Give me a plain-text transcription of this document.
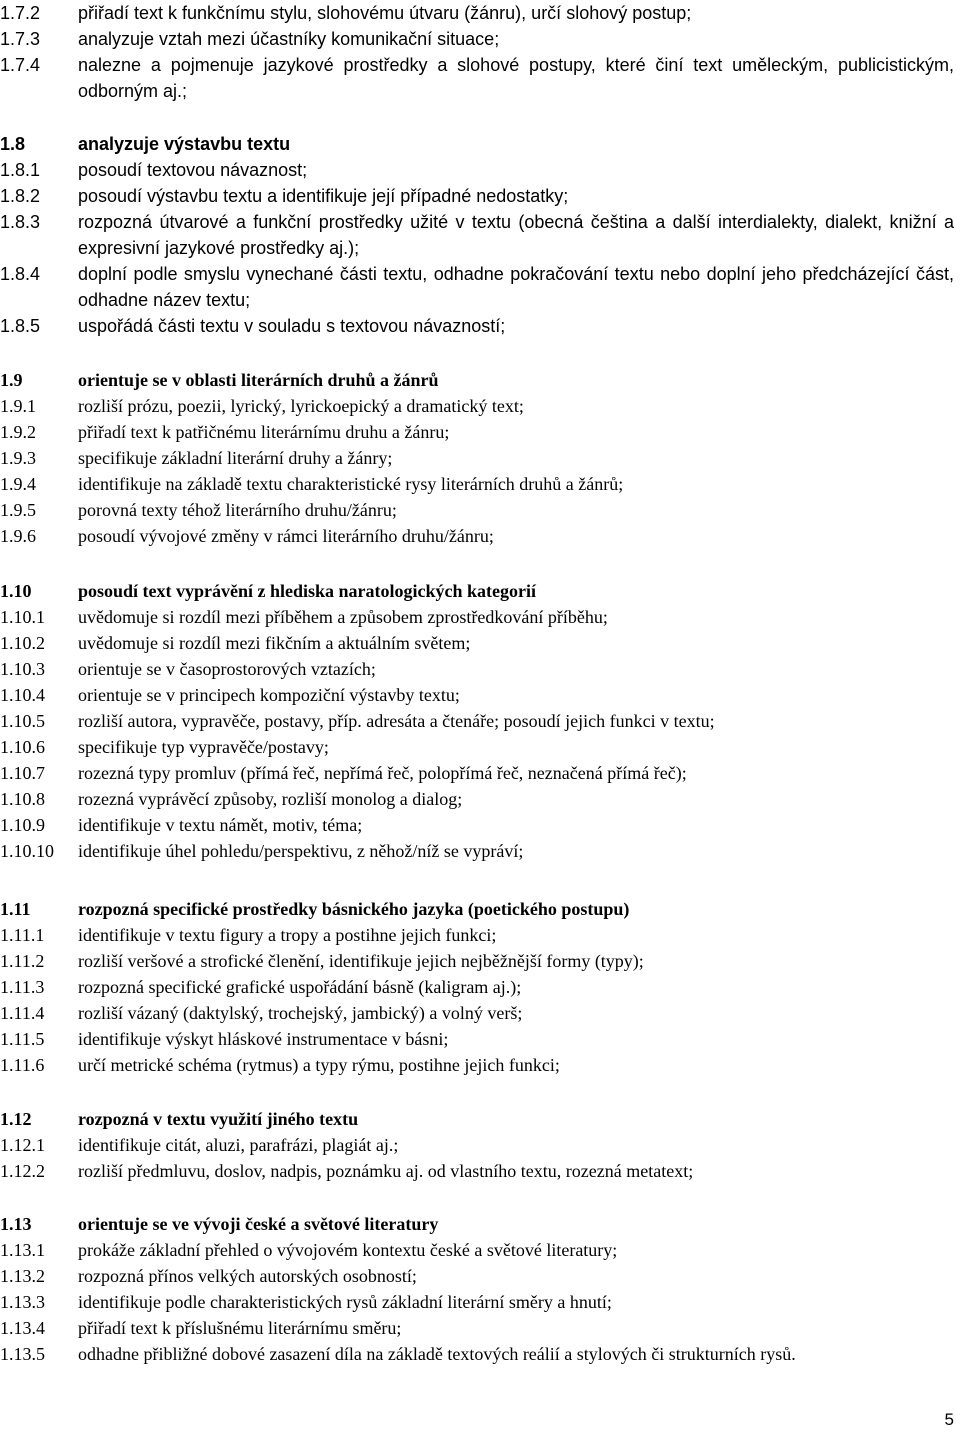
1.7.2	přiřadí text k funkčnímu stylu, slohovému útvaru (žánru), určí slohový postup;
1.7.3	analyzuje vztah mezi účastníky komunikační situace;
1.7.4	nalezne a pojmenuje jazykové prostředky a slohové postupy, které činí text uměleckým, publicistickým, odborným aj.;
1.8	analyzuje výstavbu textu
1.8.1	posoudí textovou návaznost;
1.8.2	posoudí výstavbu textu a identifikuje její případné nedostatky;
1.8.3	rozpozná útvarové a funkční prostředky užité v textu (obecná čeština a další interdialekty, dialekt, knižní a expresivní jazykové prostředky aj.);
1.8.4	doplní podle smyslu vynechané části textu, odhadne pokračování textu nebo doplní jeho předcházející část, odhadne název textu;
1.8.5	uspořádá části textu v souladu s textovou návazností;
1.9	orientuje se v oblasti literárních druhů a žánrů
1.9.1	rozliší prózu, poezii, lyrický, lyrickoepický a dramatický text;
1.9.2	přiřadí text k patřičnému literárnímu druhu a žánru;
1.9.3	specifikuje základní literární druhy a žánry;
1.9.4	identifikuje na základě textu charakteristické rysy literárních druhů a žánrů;
1.9.5	porovná texty téhož literárního druhu/žánru;
1.9.6	posoudí vývojové změny v rámci literárního druhu/žánru;
1.10	posoudí text vyprávění z hlediska naratologických kategorií
1.10.1	uvědomuje si rozdíl mezi příběhem a způsobem zprostředkování příběhu;
1.10.2	uvědomuje si rozdíl mezi fikčním a aktuálním světem;
1.10.3	orientuje se v časoprostorových vztazích;
1.10.4	orientuje se v principech kompoziční výstavby textu;
1.10.5	rozliší autora, vypravěče, postavy, příp. adresáta a čtenáře; posoudí jejich funkci v textu;
1.10.6	specifikuje typ vypravěče/postavy;
1.10.7	rozezná typy promluv (přímá řeč, nepřímá řeč, polopřímá řeč, neznačená přímá řeč);
1.10.8	rozezná vyprávěcí způsoby, rozliší monolog a dialog;
1.10.9	identifikuje v textu námět, motiv, téma;
1.10.10	identifikuje úhel pohledu/perspektivu, z něhož/níž se vypráví;
1.11	rozpozná specifické prostředky básnického jazyka (poetického postupu)
1.11.1	identifikuje v textu figury a tropy a postihne jejich funkci;
1.11.2	rozliší veršové a strofické členění, identifikuje jejich nejběžnější formy (typy);
1.11.3	rozpozná specifické grafické uspořádání básně (kaligram aj.);
1.11.4	rozliší vázaný (daktylský, trochejský, jambický) a volný verš;
1.11.5	identifikuje výskyt hláskové instrumentace v básni;
1.11.6	určí metrické schéma (rytmus) a typy rýmu, postihne jejich funkci;
1.12	rozpozná v textu využití jiného textu
1.12.1	identifikuje citát, aluzi, parafrázi, plagiát aj.;
1.12.2	rozliší předmluvu, doslov, nadpis, poznámku aj. od vlastního textu, rozezná metatext;
1.13	orientuje se ve vývoji české a světové literatury
1.13.1	prokáže základní přehled o vývojovém kontextu české a světové literatury;
1.13.2	rozpozná přínos velkých autorských osobností;
1.13.3	identifikuje podle charakteristických rysů základní literární směry a hnutí;
1.13.4	přiřadí text k příslušnému literárnímu směru;
1.13.5	odhadne přibližné dobové zasazení díla na základě textových reálií a stylových či strukturních rysů.
5
